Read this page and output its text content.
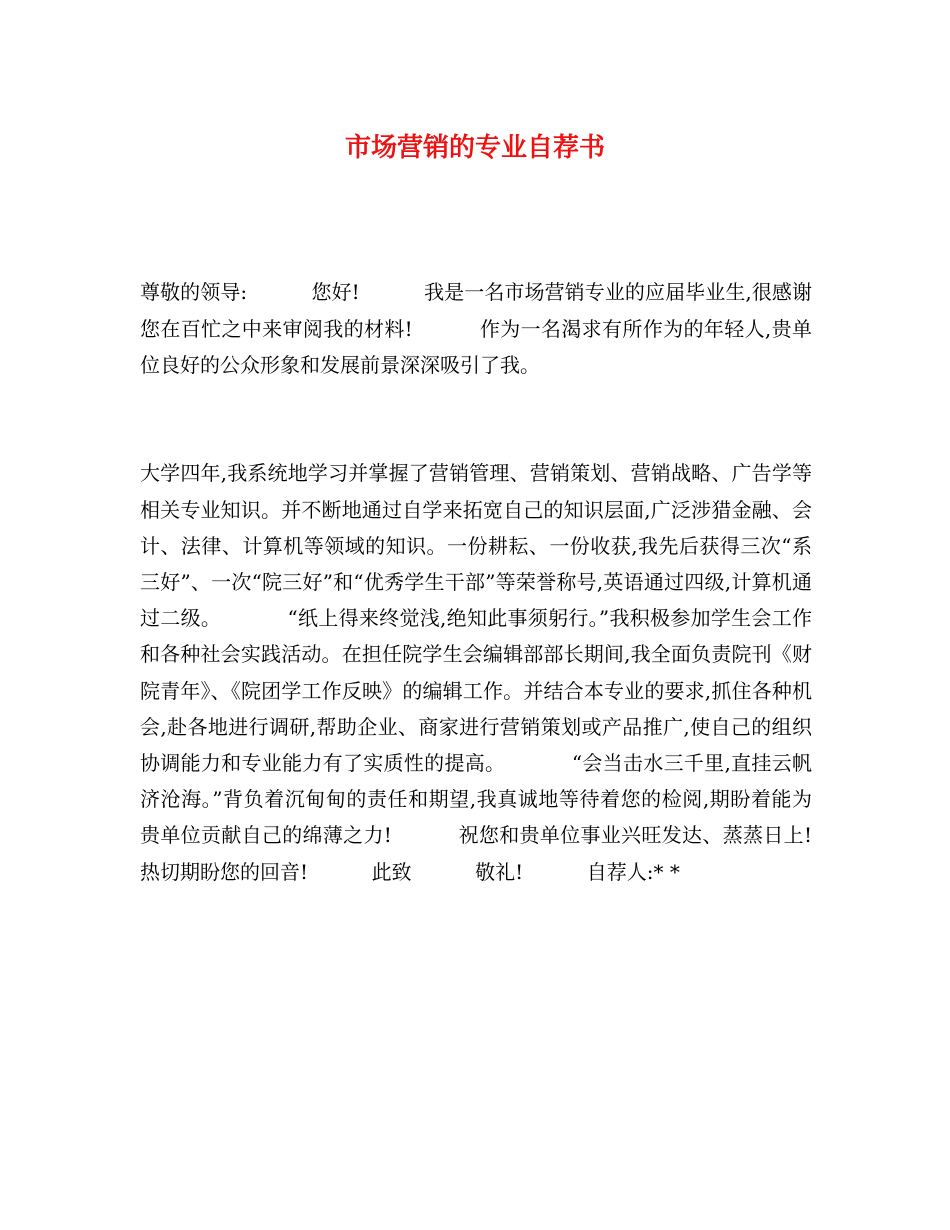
市场营销的专业自荐书

尊敬的领导:          您好!          我是一名市场营销专业的应届毕业生,很感谢您在百忙之中来审阅我的材料!          作为一名渴求有所作为的年轻人,贵单位良好的公众形象和发展前景深深吸引了我。

大学四年,我系统地学习并掌握了营销管理、营销策划、营销战略、广告学等相关专业知识。并不断地通过自学来拓宽自己的知识层面,广泛涉猎金融、会计、法律、计算机等领域的知识。一份耕耘、一份收获,我先后获得三次“系三好”、一次“院三好”和“优秀学生干部”等荣誉称号,英语通过四级,计算机通过二级。          “纸上得来终觉浅,绝知此事须躬行。”我积极参加学生会工作和各种社会实践活动。在担任院学生会编辑部部长期间,我全面负责院刊《财院青年》、《院团学工作反映》的编辑工作。并结合本专业的要求,抓住各种机会,赴各地进行调研,帮助企业、商家进行营销策划或产品推广,使自己的组织协调能力和专业能力有了实质性的提高。          “会当击水三千里,直挂云帆济沧海。”背负着沉甸甸的责任和期望,我真诚地等待着您的检阅,期盼着能为贵单位贡献自己的绵薄之力!          祝您和贵单位事业兴旺发达、蒸蒸日上!          热切期盼您的回音!          此致          敬礼!          自荐人:* *
